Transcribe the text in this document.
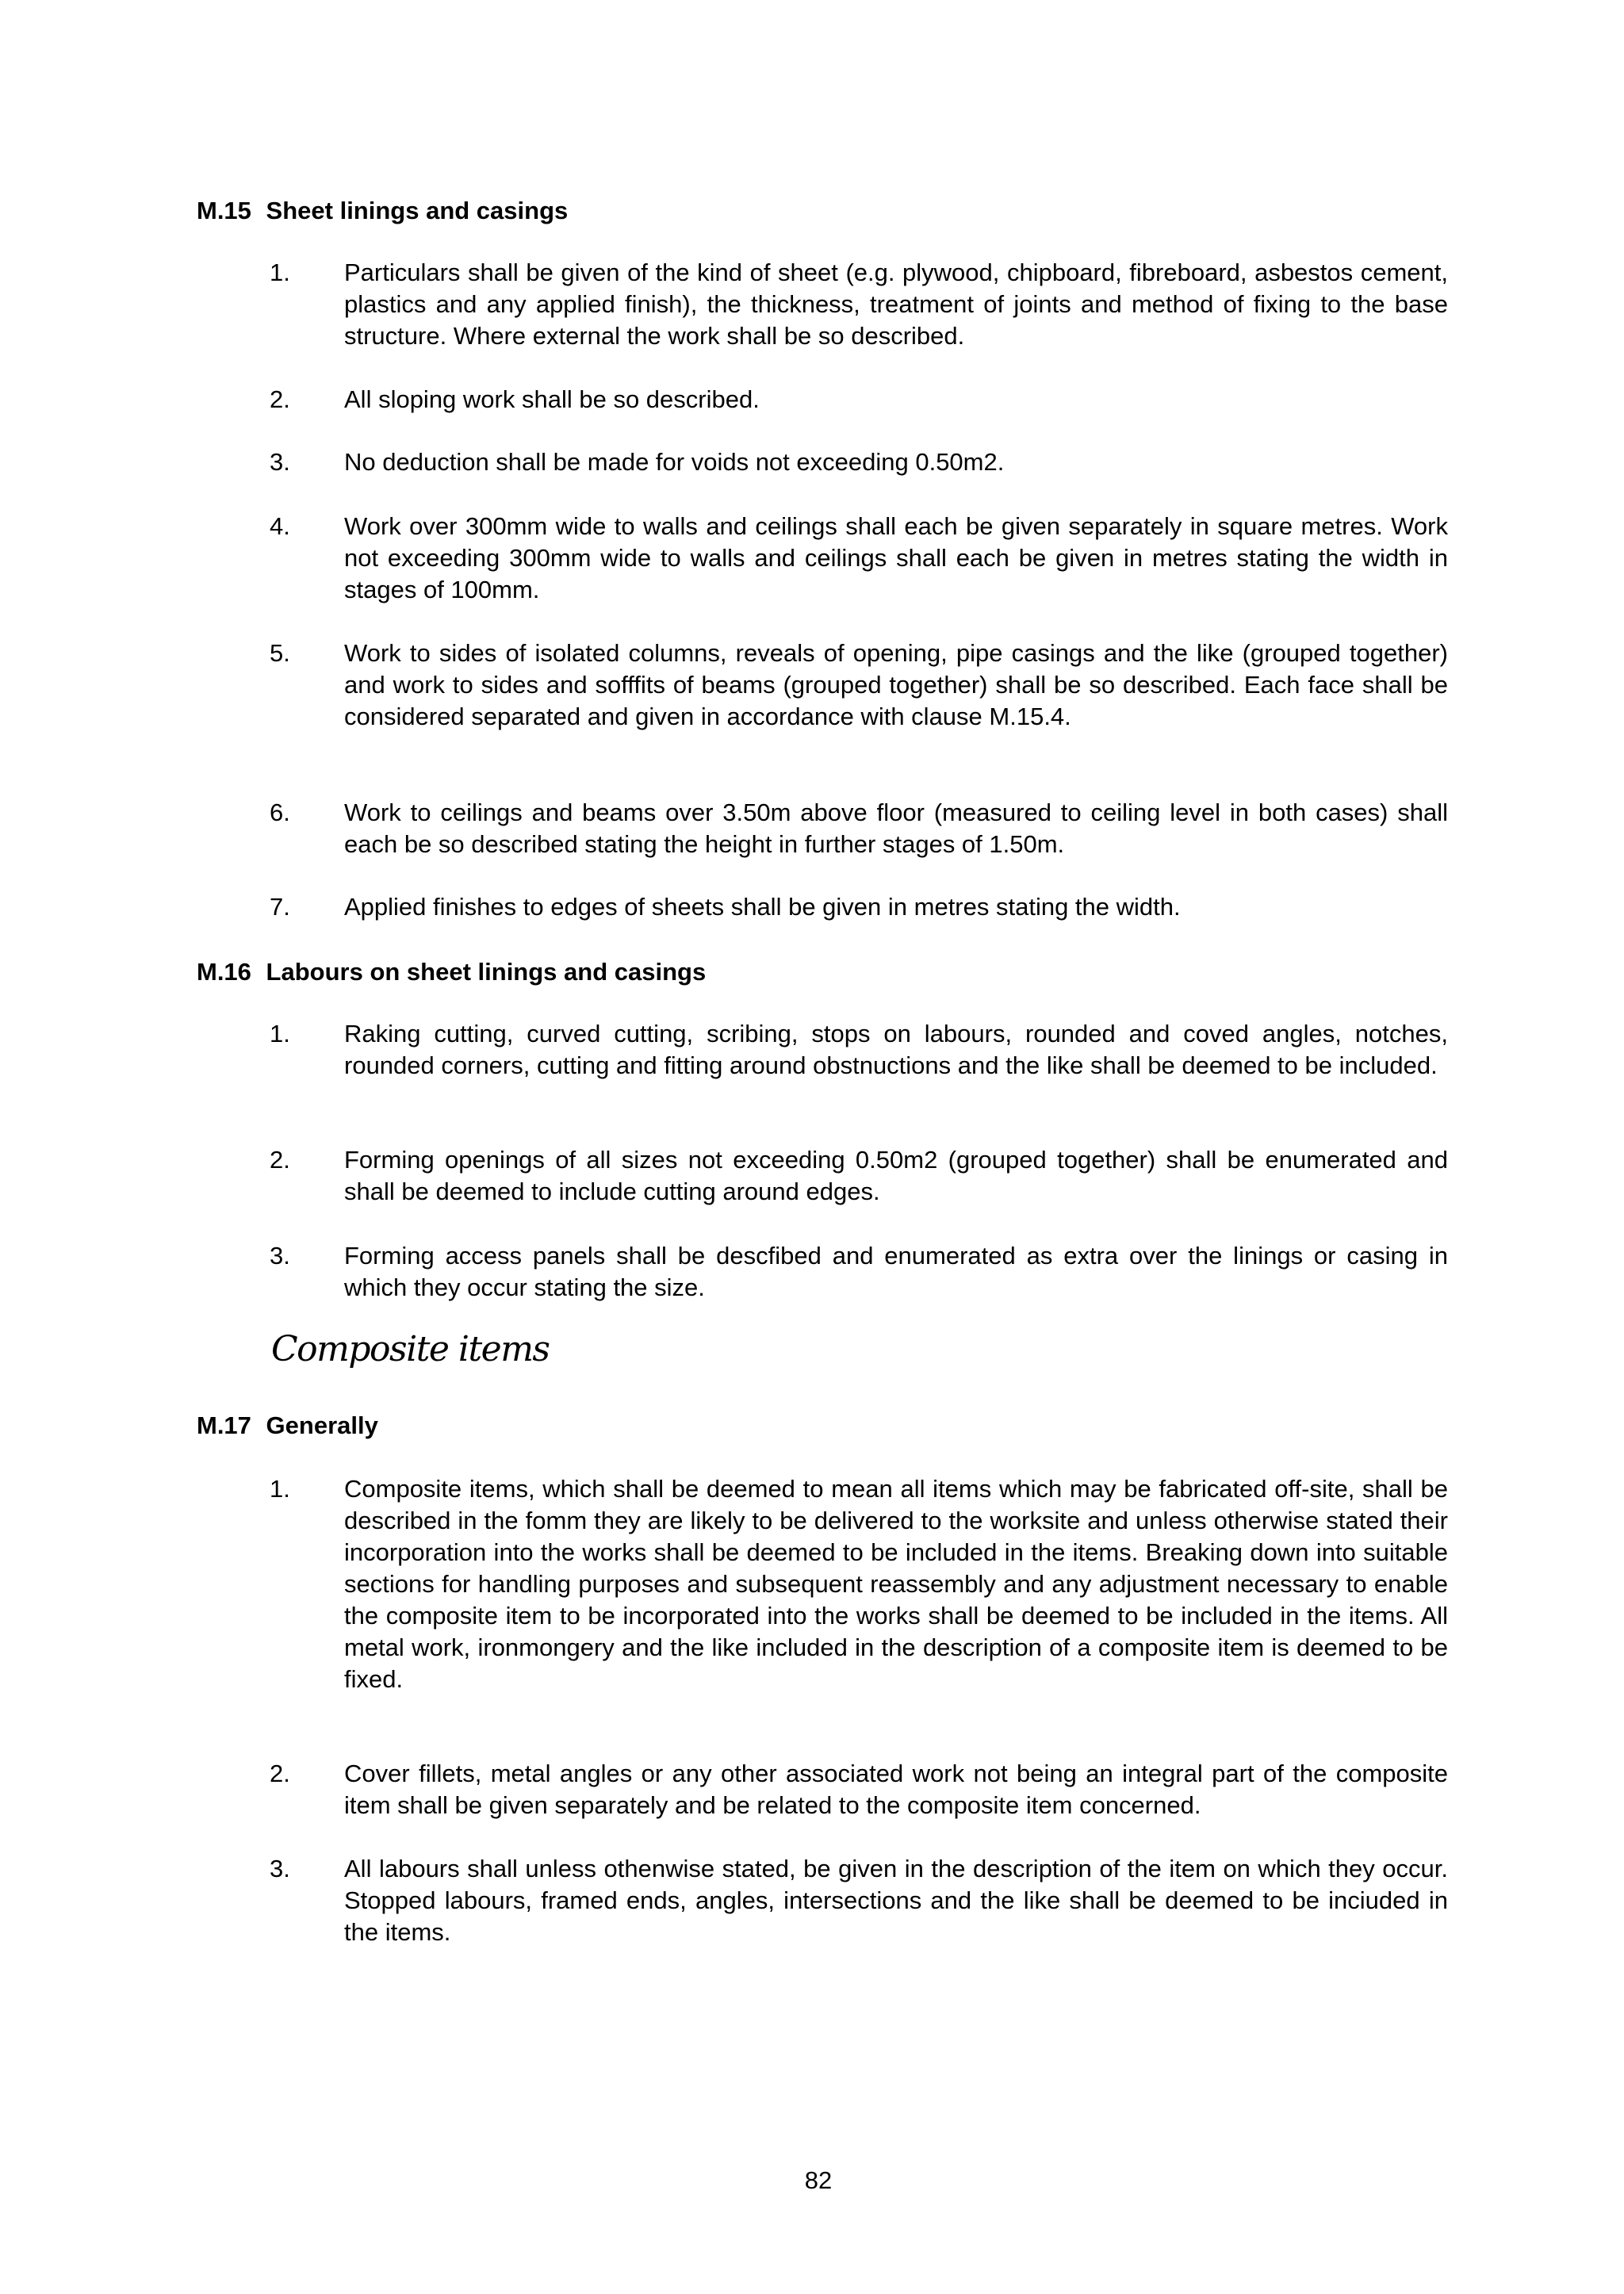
M.15 Sheet linings and casings
1. Particulars shall be given of the kind of sheet (e.g. plywood, chipboard, fibreboard, asbestos cement, plastics and any applied finish), the thickness, treatment of joints and method of fixing to the base structure. Where external the work shall be so described.
2. All sloping work shall be so described.
3. No deduction shall be made for voids not exceeding 0.50m2.
4. Work over 300mm wide to walls and ceilings shall each be given separately in square metres. Work not exceeding 300mm wide to walls and ceilings shall each be given in metres stating the width in stages of 100mm.
5. Work to sides of isolated columns, reveals of opening, pipe casings and the like (grouped together) and work to sides and sofffits of beams (grouped together) shall be so described. Each face shall be considered separated and given in accordance with clause M.15.4.
6. Work to ceilings and beams over 3.50m above floor (measured to ceiling level in both cases) shall each be so described stating the height in further stages of 1.50m.
7. Applied finishes to edges of sheets shall be given in metres stating the width.
M.16 Labours on sheet linings and casings
1. Raking cutting, curved cutting, scribing, stops on labours, rounded and coved angles, notches, rounded corners, cutting and fitting around obstnuctions and the like shall be deemed to be included.
2. Forming openings of all sizes not exceeding 0.50m2 (grouped together) shall be enumerated and shall be deemed to include cutting around edges.
3. Forming access panels shall be descfibed and enumerated as extra over the linings or casing in which they occur stating the size.
Composite items
M.17 Generally
1. Composite items, which shall be deemed to mean all items which may be fabricated off-site, shall be described in the fomm they are likely to be delivered to the worksite and unless otherwise stated their incorporation into the works shall be deemed to be included in the items. Breaking down into suitable sections for handling purposes and subsequent reassembly and any adjustment necessary to enable the composite item to be incorporated into the works shall be deemed to be included in the items. All metal work, ironmongery and the like included in the description of a composite item is deemed to be fixed.
2. Cover fillets, metal angles or any other associated work not being an integral part of the composite item shall be given separately and be related to the composite item concerned.
3. All labours shall unless othenwise stated, be given in the description of the item on which they occur. Stopped labours, framed ends, angles, intersections and the like shall be deemed to be inciuded in the items.
82
